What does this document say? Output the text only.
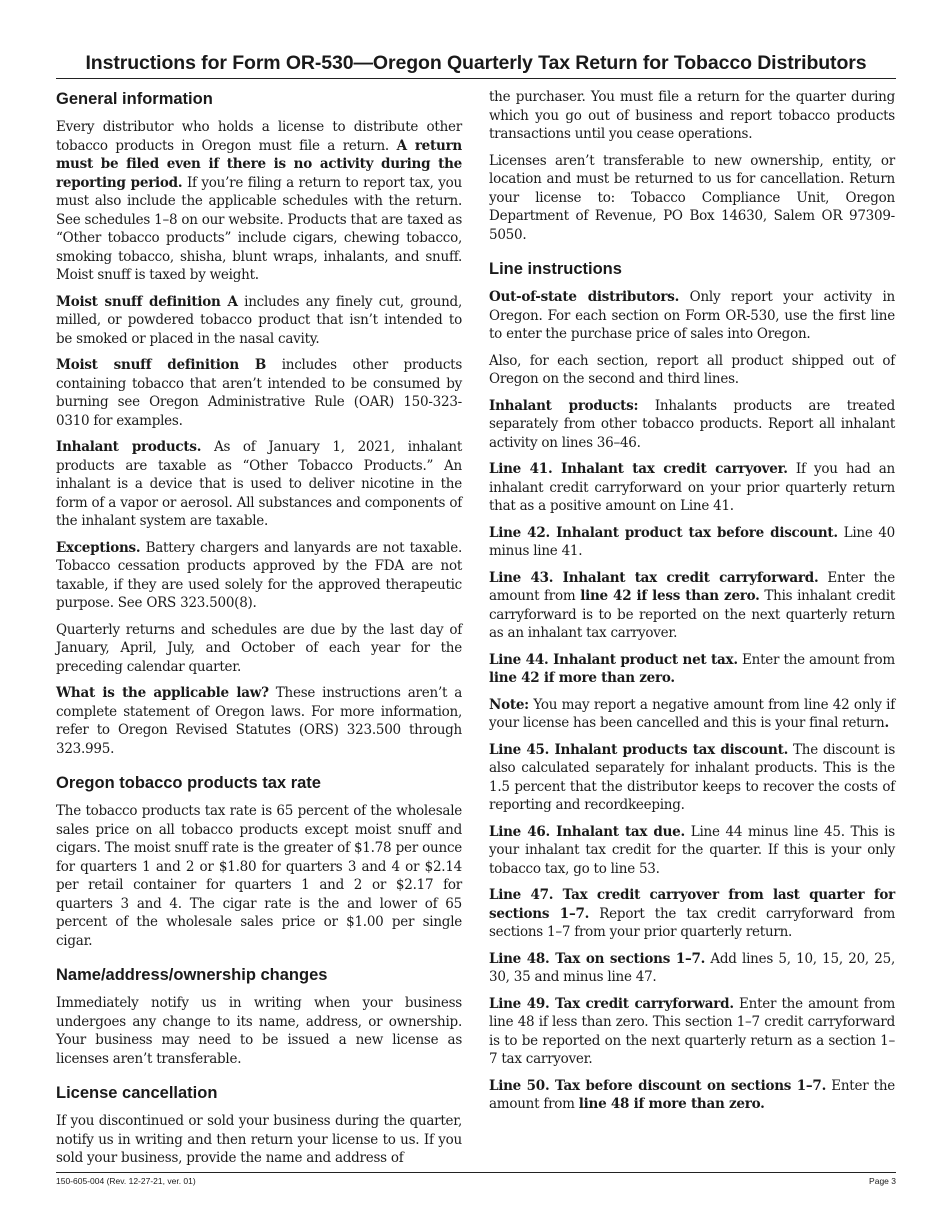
Instructions for Form OR-530—Oregon Quarterly Tax Return for Tobacco Distributors
General information

Every distributor who holds a license to distribute other tobacco products in Oregon must file a return. A return must be filed even if there is no activity during the reporting period. If you’re filing a return to report tax, you must also include the applicable schedules with the return. See schedules 1–8 on our website. Products that are taxed as “Other tobacco products” include cigars, chewing tobacco, smoking tobacco, shisha, blunt wraps, inhalants, and snuff. Moist snuff is taxed by weight.

Moist snuff definition A includes any finely cut, ground, milled, or powdered tobacco product that isn’t intended to be smoked or placed in the nasal cavity.

Moist snuff definition B includes other products containing tobacco that aren’t intended to be consumed by burning see Oregon Administrative Rule (OAR) 150-323-0310 for examples.

Inhalant products. As of January 1, 2021, inhalant products are taxable as “Other Tobacco Products.” An inhalant is a device that is used to deliver nicotine in the form of a vapor or aerosol. All substances and components of the inhalant system are taxable.

Exceptions. Battery chargers and lanyards are not taxable. Tobacco cessation products approved by the FDA are not taxable, if they are used solely for the approved therapeutic purpose. See ORS 323.500(8).

Quarterly returns and schedules are due by the last day of January, April, July, and October of each year for the preceding calendar quarter.

What is the applicable law? These instructions aren’t a complete statement of Oregon laws. For more information, refer to Oregon Revised Statutes (ORS) 323.500 through 323.995.

Oregon tobacco products tax rate

The tobacco products tax rate is 65 percent of the wholesale sales price on all tobacco products except moist snuff and cigars. The moist snuff rate is the greater of $1.78 per ounce for quarters 1 and 2 or $1.80 for quarters 3 and 4 or $2.14 per retail container for quarters 1 and 2 or $2.17 for quarters 3 and 4. The cigar rate is the and lower of 65 percent of the wholesale sales price or $1.00 per single cigar.

Name/address/ownership changes

Immediately notify us in writing when your business undergoes any change to its name, address, or ownership. Your business may need to be issued a new license as licenses aren’t transferable.

License cancellation

If you discontinued or sold your business during the quarter, notify us in writing and then return your license to us. If you sold your business, provide the name and address of

the purchaser. You must file a return for the quarter during which you go out of business and report tobacco products transactions until you cease operations.

Licenses aren’t transferable to new ownership, entity, or location and must be returned to us for cancellation. Return your license to: Tobacco Compliance Unit, Oregon Department of Revenue, PO Box 14630, Salem OR 97309-5050.

Line instructions

Out-of-state distributors. Only report your activity in Oregon. For each section on Form OR-530, use the first line to enter the purchase price of sales into Oregon.

Also, for each section, report all product shipped out of Oregon on the second and third lines.

Inhalant products: Inhalants products are treated separately from other tobacco products. Report all inhalant activity on lines 36–46.

Line 41. Inhalant tax credit carryover. If you had an inhalant credit carryforward on your prior quarterly return that as a positive amount on Line 41.

Line 42. Inhalant product tax before discount. Line 40 minus line 41.

Line 43. Inhalant tax credit carryforward. Enter the amount from line 42 if less than zero. This inhalant credit carryforward is to be reported on the next quarterly return as an inhalant tax carryover.

Line 44. Inhalant product net tax. Enter the amount from line 42 if more than zero.

Note: You may report a negative amount from line 42 only if your license has been cancelled and this is your final return.

Line 45. Inhalant products tax discount. The discount is also calculated separately for inhalant products. This is the 1.5 percent that the distributor keeps to recover the costs of reporting and recordkeeping.

Line 46. Inhalant tax due. Line 44 minus line 45. This is your inhalant tax credit for the quarter. If this is your only tobacco tax, go to line 53.

Line 47. Tax credit carryover from last quarter for sections 1–7. Report the tax credit carryforward from sections 1–7 from your prior quarterly return.

Line 48. Tax on sections 1–7. Add lines 5, 10, 15, 20, 25, 30, 35 and minus line 47.

Line 49. Tax credit carryforward. Enter the amount from line 48 if less than zero. This section 1–7 credit carryforward is to be reported on the next quarterly return as a section 1–7 tax carryover.

Line 50. Tax before discount on sections 1–7. Enter the amount from line 48 if more than zero.

150-605-004 (Rev. 12-27-21, ver. 01)	Page 3
